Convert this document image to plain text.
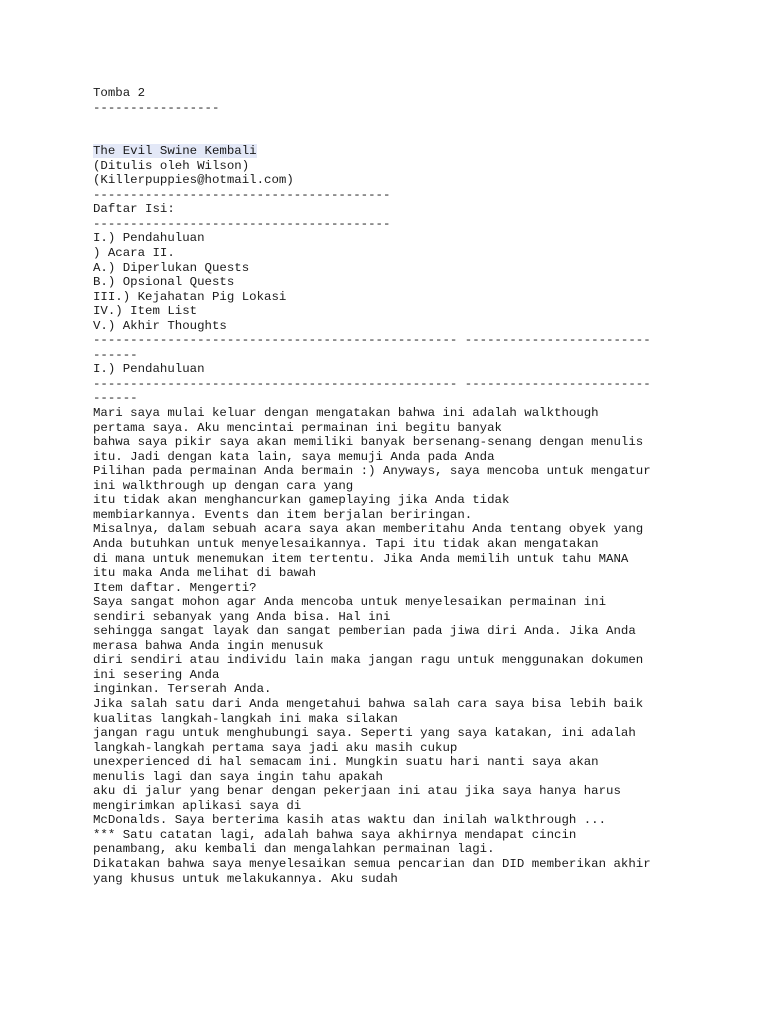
Tomba 2
-----------------
The Evil Swine Kembali
(Ditulis oleh Wilson)
(Killerpuppies@hotmail.com)
----------------------------------------
Daftar Isi:
----------------------------------------
I.) Pendahuluan
) Acara II.
A.) Diperlukan Quests
B.) Opsional Quests
III.) Kejahatan Pig Lokasi
IV.) Item List
V.) Akhir Thoughts
------------------------------------------------- -------------------------
------
I.) Pendahuluan
------------------------------------------------- -------------------------
------
Mari saya mulai keluar dengan mengatakan bahwa ini adalah walkthough
pertama saya. Aku mencintai permainan ini begitu banyak
bahwa saya pikir saya akan memiliki banyak bersenang-senang dengan menulis
itu. Jadi dengan kata lain, saya memuji Anda pada Anda
Pilihan pada permainan Anda bermain :) Anyways, saya mencoba untuk mengatur
ini walkthrough up dengan cara yang
itu tidak akan menghancurkan gameplaying jika Anda tidak
membiarkannya. Events dan item berjalan beriringan.
Misalnya, dalam sebuah acara saya akan memberitahu Anda tentang obyek yang
Anda butuhkan untuk menyelesaikannya. Tapi itu tidak akan mengatakan
di mana untuk menemukan item tertentu. Jika Anda memilih untuk tahu MANA
itu maka Anda melihat di bawah
Item daftar. Mengerti?
Saya sangat mohon agar Anda mencoba untuk menyelesaikan permainan ini
sendiri sebanyak yang Anda bisa. Hal ini
sehingga sangat layak dan sangat pemberian pada jiwa diri Anda. Jika Anda
merasa bahwa Anda ingin menusuk
diri sendiri atau individu lain maka jangan ragu untuk menggunakan dokumen
ini sesering Anda
inginkan. Terserah Anda.
Jika salah satu dari Anda mengetahui bahwa salah cara saya bisa lebih baik
kualitas langkah-langkah ini maka silakan
jangan ragu untuk menghubungi saya. Seperti yang saya katakan, ini adalah
langkah-langkah pertama saya jadi aku masih cukup
unexperienced di hal semacam ini. Mungkin suatu hari nanti saya akan
menulis lagi dan saya ingin tahu apakah
aku di jalur yang benar dengan pekerjaan ini atau jika saya hanya harus
mengirimkan aplikasi saya di
McDonalds. Saya berterima kasih atas waktu dan inilah walkthrough ...
*** Satu catatan lagi, adalah bahwa saya akhirnya mendapat cincin
penambang, aku kembali dan mengalahkan permainan lagi.
Dikatakan bahwa saya menyelesaikan semua pencarian dan DID memberikan akhir
yang khusus untuk melakukannya. Aku sudah
